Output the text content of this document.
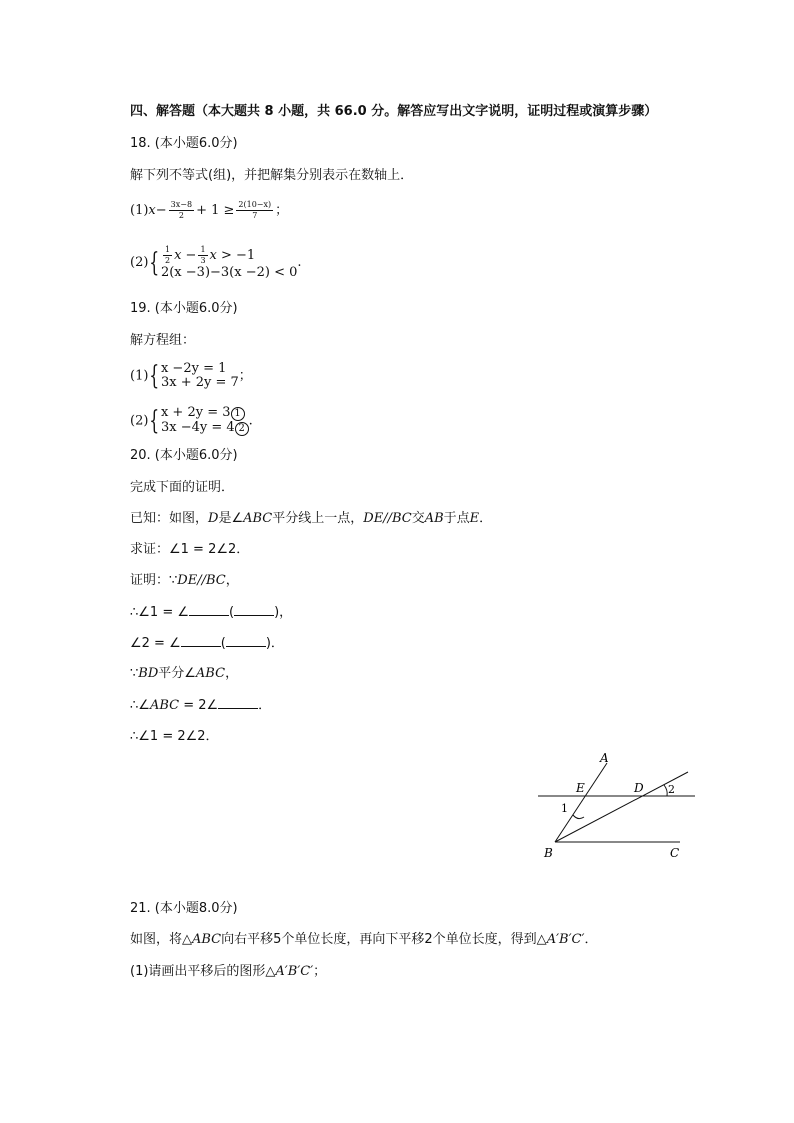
四、解答题（本大题共 8 小题，共 66.0 分。解答应写出文字说明，证明过程或演算步骤）
18. (本小题6.0分)
解下列不等式(组)，并把解集分别表示在数轴上．
$(1)x- \frac{3x-8}{2} + 1 \ge \frac{2(10-x)}{7}$ ；
$(2)\{ \frac{1}{2}$ $x - \frac{1}{3}$ x > −1
2(x −3)−3(x −2) < 0
.
19. (本小题6.0分)
解方程组：
(1){ x −2y = 1
3x + 2y = 7 ；
(2){ x + 2y = 3 1
3x −4y = 4 2 .
20. (本小题6.0分)
完成下面的证明．
已知：如图，D是∠ABC平分线上一点，DE//BC交AB于点E．
求证：∠1 = 2∠2．
证明：∵DE//BC，
∴∠1 = ∠	(	)，
∠2 = ∠	(	)．
∵BD平分∠ABC，
∴∠ABC = 2∠	．
∴∠1 = 2∠2．
A
E	D
1
2
B	C
21. (本小题8.0分)
如图，将△ABC向右平移5个单位长度，再向下平移2个单位长度，得到△A′B′C′．
(1)请画出平移后的图形△A′B′C′；
